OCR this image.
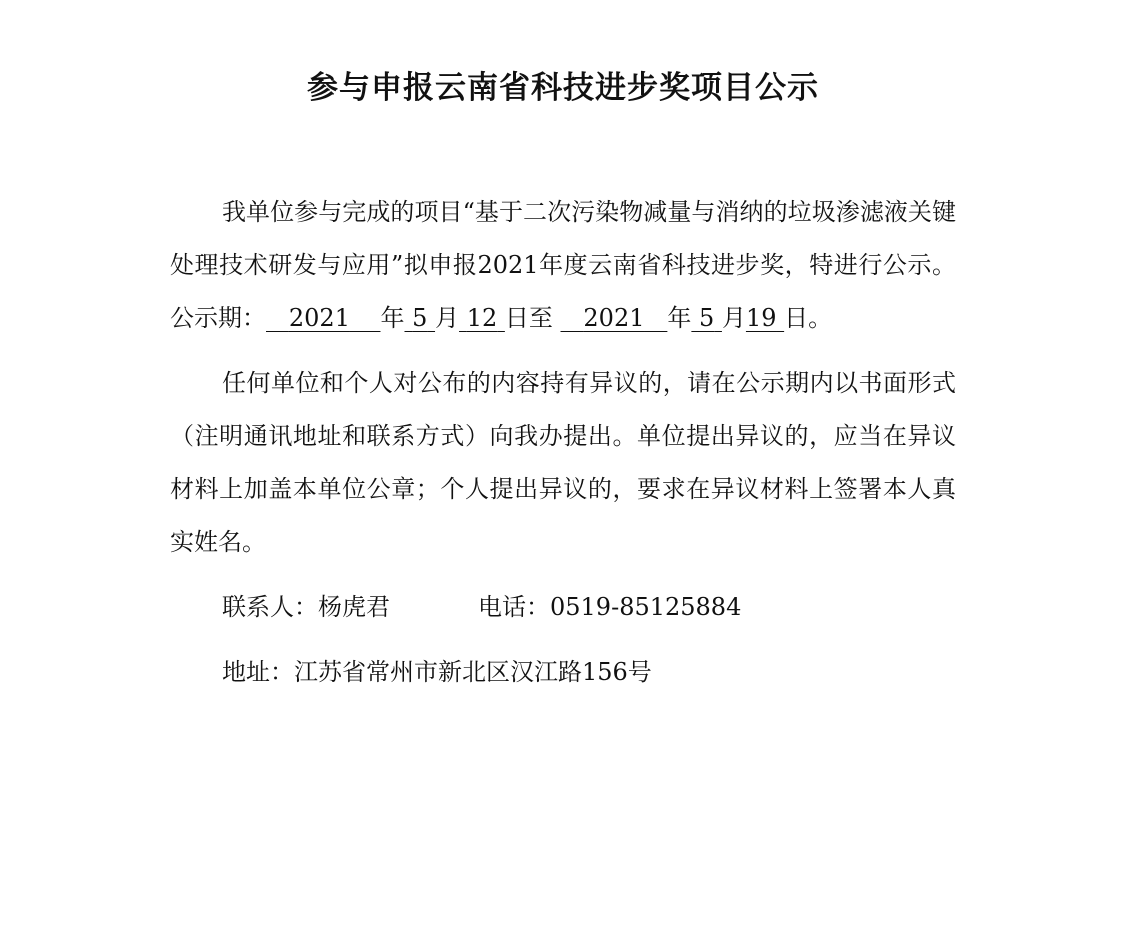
参与申报云南省科技进步奖项目公示

我单位参与完成的项目“基于二次污染物减量与消纳的垃圾渗滤液关键处理技术研发与应用”拟申报2021年度云南省科技进步奖，特进行公示。公示期： 2021 年 5 月 12 日至 2021 年 5 月19 日。

任何单位和个人对公布的内容持有异议的，请在公示期内以书面形式（注明通讯地址和联系方式）向我办提出。单位提出异议的，应当在异议材料上加盖本单位公章；个人提出异议的，要求在异议材料上签署本人真实姓名。

联系人：杨虎君	电话：0519-85125884

地址：江苏省常州市新北区汉江路156号
